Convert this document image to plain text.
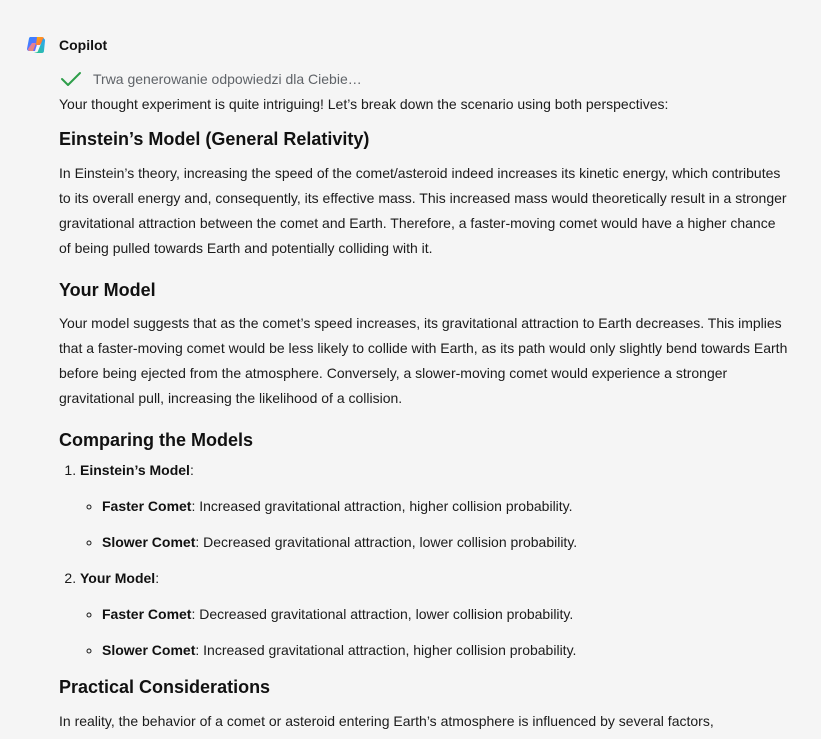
Copilot
Trwa generowanie odpowiedzi dla Ciebie…

Your thought experiment is quite intriguing! Let’s break down the scenario using both perspectives:

Einstein’s Model (General Relativity)

In Einstein’s theory, increasing the speed of the comet/asteroid indeed increases its kinetic energy, which contributes to its overall energy and, consequently, its effective mass. This increased mass would theoretically result in a stronger gravitational attraction between the comet and Earth. Therefore, a faster-moving comet would have a higher chance of being pulled towards Earth and potentially colliding with it.

Your Model

Your model suggests that as the comet’s speed increases, its gravitational attraction to Earth decreases. This implies that a faster-moving comet would be less likely to collide with Earth, as its path would only slightly bend towards Earth before being ejected from the atmosphere. Conversely, a slower-moving comet would experience a stronger gravitational pull, increasing the likelihood of a collision.

Comparing the Models
1. Einstein’s Model:
◦ Faster Comet: Increased gravitational attraction, higher collision probability.
◦ Slower Comet: Decreased gravitational attraction, lower collision probability.
2. Your Model:
◦ Faster Comet: Decreased gravitational attraction, lower collision probability.
◦ Slower Comet: Increased gravitational attraction, higher collision probability.
Practical Considerations

In reality, the behavior of a comet or asteroid entering Earth’s atmosphere is influenced by several factors,
